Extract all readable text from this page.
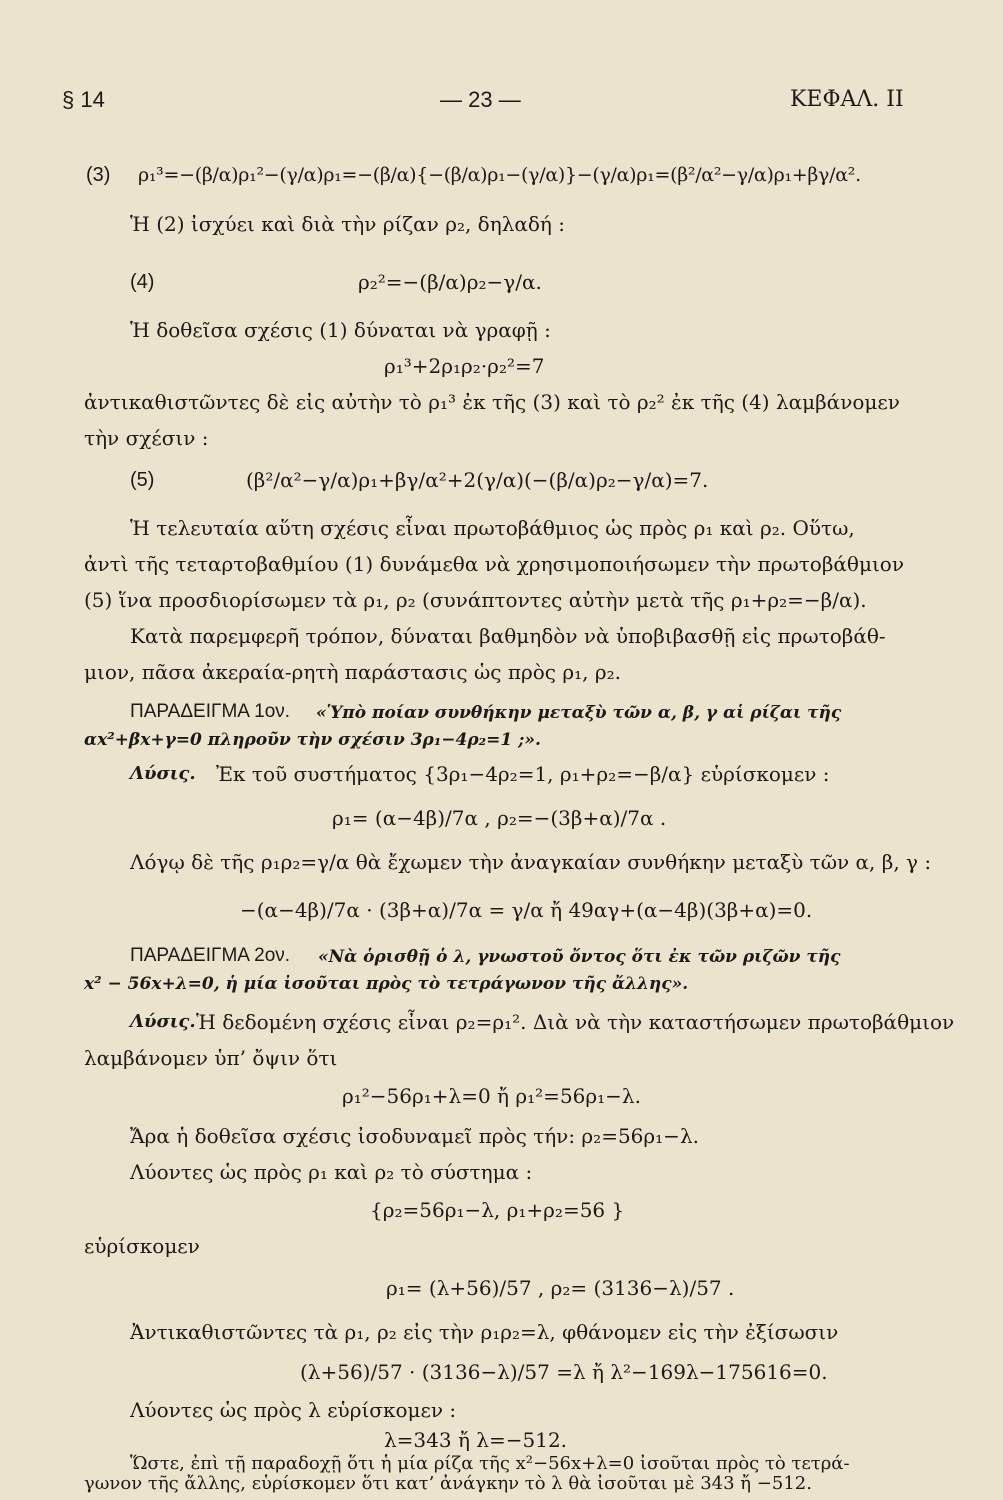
§ 14	— 23 —	ΚΕΦΑΛ. II
(3) ρ₁³=−(β/α)ρ₁²−(γ/α)ρ₁=−(β/α){−(β/α)ρ₁−(γ/α)}−(γ/α)ρ₁=(β²/α²−γ/α)ρ₁+βγ/α².
Ἡ (2) ἰσχύει καὶ διὰ τὴν ρίζαν ρ₂, δηλαδή :
(4)	ρ₂²=−(β/α)ρ₂−γ/α.
Ἡ δοθεῖσα σχέσις (1) δύναται νὰ γραφῇ :
ρ₁³+2ρ₁ρ₂·ρ₂²=7
ἀντικαθιστῶντες δὲ εἰς αὐτὴν τὸ ρ₁³ ἐκ τῆς (3) καὶ τὸ ρ₂² ἐκ τῆς (4) λαμβάνομεν
τὴν σχέσιν :
(5)	(β²/α²−γ/α)ρ₁+βγ/α²+2(γ/α)(−(β/α)ρ₂−γ/α)=7.
Ἡ τελευταία αὕτη σχέσις εἶναι πρωτοβάθμιος ὡς πρὸς ρ₁ καὶ ρ₂. Οὕτω,
ἀντὶ τῆς τεταρτοβαθμίου (1) δυνάμεθα νὰ χρησιμοποιήσωμεν τὴν πρωτοβάθμιον
(5) ἵνα προσδιορίσωμεν τὰ ρ₁, ρ₂ (συνάπτοντες αὐτὴν μετὰ τῆς ρ₁+ρ₂=−β/α).
Κατὰ παρεμφερῆ τρόπον, δύναται βαθμηδὸν νὰ ὑποβιβασθῇ εἰς πρωτοβάθ-
μιον, πᾶσα ἀκεραία-ρητὴ παράστασις ὡς πρὸς ρ₁, ρ₂.
ΠΑΡΑΔΕΙΓΜΑ 1ον. «Ὑπὸ ποίαν συνθήκην μεταξὺ τῶν α, β, γ αἱ ρίζαι τῆς
αx²+βx+γ=0 πληροῦν τὴν σχέσιν 3ρ₁−4ρ₂=1 ;».
Λύσις. Ἐκ τοῦ συστήματος {3ρ₁−4ρ₂=1, ρ₁+ρ₂=−β/α} εὑρίσκομεν :
ρ₁= (α−4β)/7α , ρ₂=−(3β+α)/7α .
Λόγῳ δὲ τῆς ρ₁ρ₂=γ/α θὰ ἔχωμεν τὴν ἀναγκαίαν συνθήκην μεταξὺ τῶν α, β, γ :
−(α−4β)/7α · (3β+α)/7α = γ/α ἤ 49αγ+(α−4β)(3β+α)=0.
ΠΑΡΑΔΕΙΓΜΑ 2ον. «Νὰ ὁρισθῇ ὁ λ, γνωστοῦ ὄντος ὅτι ἐκ τῶν ριζῶν τῆς
x² − 56x+λ=0, ἡ μία ἰσοῦται πρὸς τὸ τετράγωνον τῆς ἄλλης».
Λύσις. Ἡ δεδομένη σχέσις εἶναι ρ₂=ρ₁². Διὰ νὰ τὴν καταστήσωμεν πρωτοβάθμιον
λαμβάνομεν ὑπ’ ὄψιν ὅτι
ρ₁²−56ρ₁+λ=0 ἤ ρ₁²=56ρ₁−λ.
Ἄρα ἡ δοθεῖσα σχέσις ἰσοδυναμεῖ πρὸς τήν: ρ₂=56ρ₁−λ.
Λύοντες ὡς πρὸς ρ₁ καὶ ρ₂ τὸ σύστημα :
{ρ₂=56ρ₁−λ, ρ₁+ρ₂=56 }
εὑρίσκομεν
ρ₁= (λ+56)/57 , ρ₂= (3136−λ)/57 .
Ἀντικαθιστῶντες τὰ ρ₁, ρ₂ εἰς τὴν ρ₁ρ₂=λ, φθάνομεν εἰς τὴν ἐξίσωσιν
(λ+56)/57 · (3136−λ)/57 =λ ἤ λ²−169λ−175616=0.
Λύοντες ὡς πρὸς λ εὑρίσκομεν :
λ=343 ἤ λ=−512.
Ὥστε, ἐπὶ τῇ παραδοχῇ ὅτι ἡ μία ρίζα τῆς x²−56x+λ=0 ἰσοῦται πρὸς τὸ τετρά-
γωνον τῆς ἄλλης, εὑρίσκομεν ὅτι κατ’ ἀνάγκην τὸ λ θὰ ἰσοῦται μὲ 343 ἤ −512.
